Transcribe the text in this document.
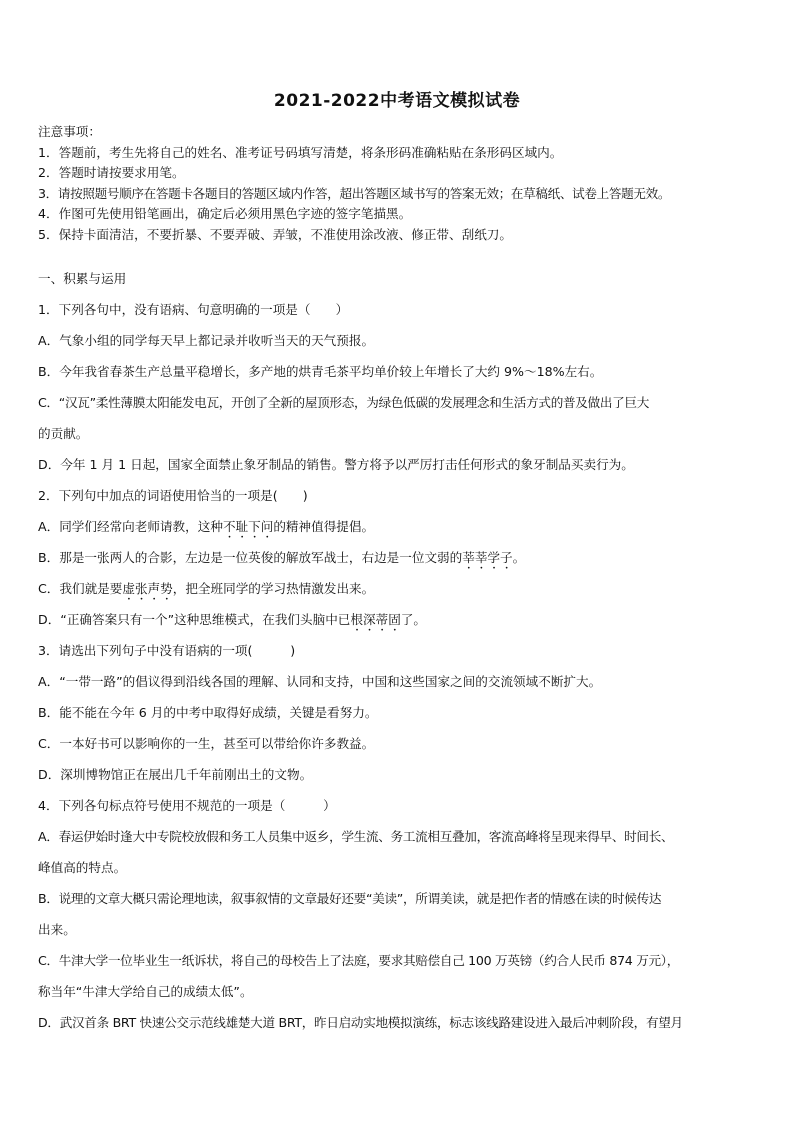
2021-2022中考语文模拟试卷
注意事项：
1．答题前，考生先将自己的姓名、准考证号码填写清楚，将条形码准确粘贴在条形码区域内。
2．答题时请按要求用笔。
3．请按照题号顺序在答题卡各题目的答题区域内作答，超出答题区域书写的答案无效；在草稿纸、试卷上答题无效。
4．作图可先使用铅笔画出，确定后必须用黑色字迹的签字笔描黑。
5．保持卡面清洁，不要折暴、不要弄破、弄皱，不准使用涂改液、修正带、刮纸刀。
一、积累与运用
1．下列各句中，没有语病、句意明确的一项是（　　）
A．气象小组的同学每天早上都记录并收听当天的天气预报。
B．今年我省春茶生产总量平稳增长，多产地的烘青毛茶平均单价较上年增长了大约 9%～18%左右。
C．“汉瓦”柔性薄膜太阳能发电瓦，开创了全新的屋顶形态，为绿色低碳的发展理念和生活方式的普及做出了巨大
的贡献。
D．今年 1 月 1 日起，国家全面禁止象牙制品的销售。警方将予以严厉打击任何形式的象牙制品买卖行为。
2．下列句中加点的词语使用恰当的一项是(　　)
A．同学们经常向老师请教，这种不耻下问的精神值得提倡。
B．那是一张两人的合影，左边是一位英俊的解放军战士，右边是一位文弱的莘莘学子。
C．我们就是要虚张声势，把全班同学的学习热情激发出来。
D．“正确答案只有一个”这种思维模式，在我们头脑中已根深蒂固了。
3．请选出下列句子中没有语病的一项(　　　)
A．“一带一路”的倡议得到沿线各国的理解、认同和支持，中国和这些国家之间的交流领域不断扩大。
B．能不能在今年 6 月的中考中取得好成绩，关键是看努力。
C．一本好书可以影响你的一生，甚至可以带给你许多教益。
D．深圳博物馆正在展出几千年前刚出土的文物。
4．下列各句标点符号使用不规范的一项是（　　　）
A．春运伊始时逢大中专院校放假和务工人员集中返乡，学生流、务工流相互叠加，客流高峰将呈现来得早、时间长、
峰值高的特点。
B．说理的文章大概只需论理地读，叙事叙情的文章最好还要“美读”，所谓美读，就是把作者的情感在读的时候传达
出来。
C．牛津大学一位毕业生一纸诉状，将自己的母校告上了法庭，要求其赔偿自己 100 万英镑（约合人民币 874 万元），
称当年“牛津大学给自己的成绩太低”。
D．武汉首条 BRT 快速公交示范线雄楚大道 BRT，昨日启动实地模拟演练，标志该线路建设进入最后冲刺阶段，有望月
